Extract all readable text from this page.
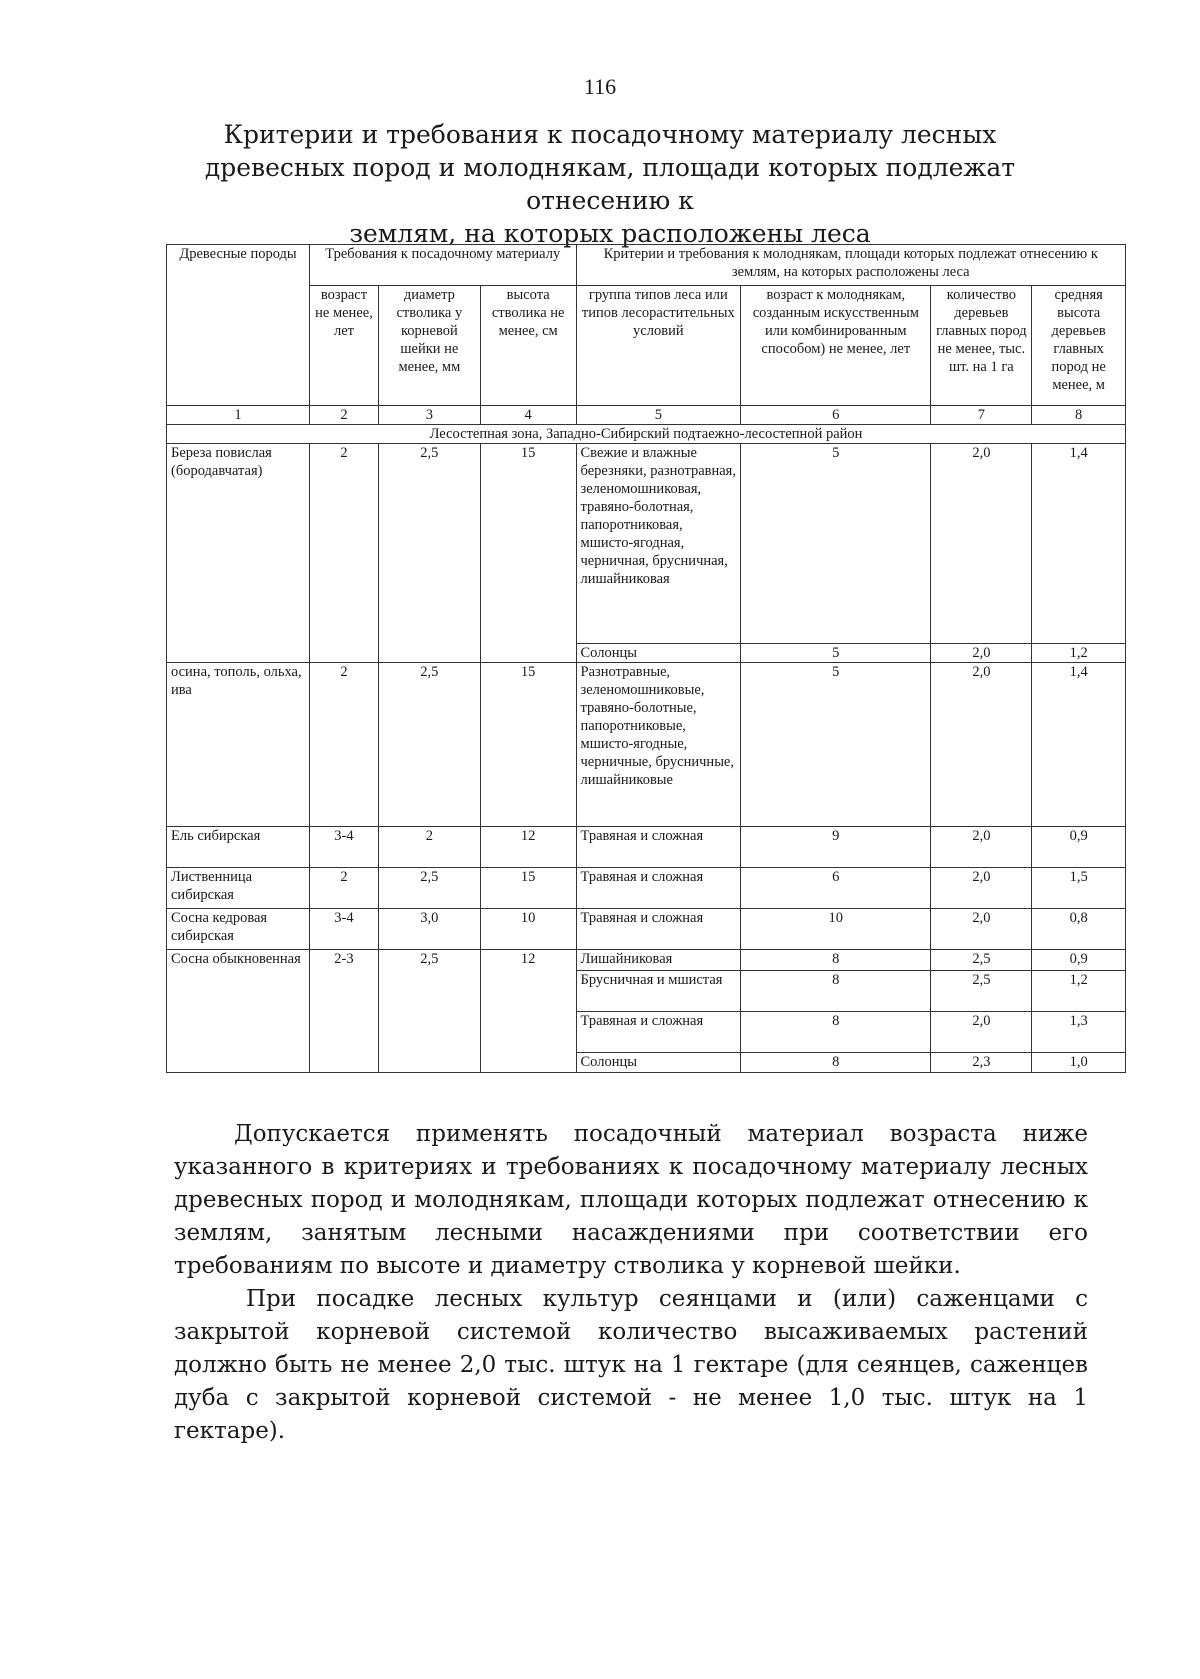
116
Критерии и требования к посадочному материалу лесных
древесных пород и молоднякам, площади которых подлежат отнесению к
землям, на которых расположены леса
Древесные породы	Требования к посадочному материалу			Критерии и требования к молоднякам, площади которых подлежат отнесению к землям, на которых расположены леса			
	возраст не менее, лет	диаметр стволика у корневой шейки не менее, мм	высота стволика не менее, см	группа типов леса или типов лесорастительных условий	возраст к молоднякам, созданным искусственным или комбинированным способом) не менее, лет	количество деревьев главных пород не менее, тыс. шт. на 1 га	средняя высота деревьев главных пород не менее, м
1	2	3	4	5	6	7	8
Лесостепная зона, Западно-Сибирский подтаежно-лесостепной район							
Береза повислая (бородавчатая)	2	2,5	15	Свежие и влажные березняки, разнотравная, зеленомошниковая, травяно-болотная, папоротниковая, мшисто-ягодная, черничная, брусничная, лишайниковая	5	2,0	1,4
				Солонцы	5	2,0	1,2
осина, тополь, ольха, ива	2	2,5	15	Разнотравные, зеленомошниковые, травяно-болотные, папоротниковые, мшисто-ягодные, черничные, брусничные, лишайниковые	5	2,0	1,4
Ель сибирская	3-4	2	12	Травяная и сложная	9	2,0	0,9
Лиственница сибирская	2	2,5	15	Травяная и сложная	6	2,0	1,5
Сосна кедровая сибирская	3-4	3,0	10	Травяная и сложная	10	2,0	0,8
Сосна обыкновенная	2-3	2,5	12	Лишайниковая	8	2,5	0,9
				Брусничная и мшистая	8	2,5	1,2
				Травяная и сложная	8	2,0	1,3
				Солонцы	8	2,3	1,0

Допускается применять посадочный материал возраста ниже указанного в критериях и требованиях к посадочному материалу лесных древесных пород и молоднякам, площади которых подлежат отнесению к землям, занятым лесными насаждениями при соответствии его требованиям по высоте и диаметру стволика у корневой шейки.

При посадке лесных культур сеянцами и (или) саженцами с закрытой корневой системой количество высаживаемых растений должно быть не менее 2,0 тыс. штук на 1 гектаре (для сеянцев, саженцев дуба с закрытой корневой системой - не менее 1,0 тыс. штук на 1 гектаре).
